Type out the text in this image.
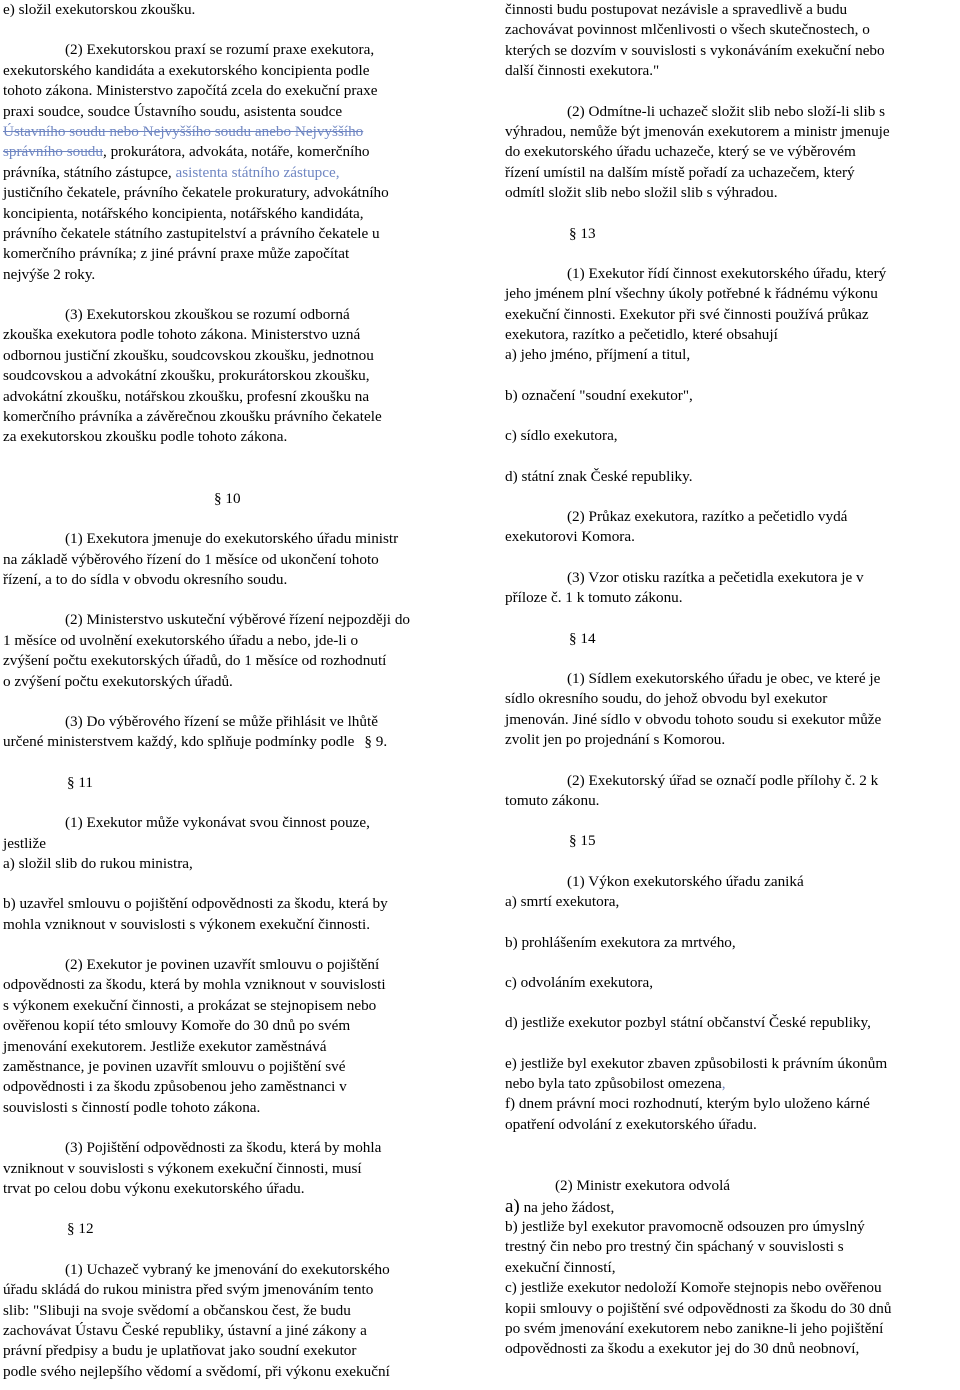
e) složil exekutorskou zkoušku.
(2) Exekutorskou praxí se rozumí praxe exekutora,
exekutorského kandidáta a exekutorského koncipienta podle
tohoto zákona. Ministerstvo započítá zcela do exekuční praxe
praxi soudce, soudce Ústavního soudu, asistenta soudce
Ústavního soudu nebo Nejvyššího soudu anebo Nejvyššího
správního soudu, prokurátora, advokáta, notáře, komerčního
právníka, státního zástupce, asistenta státního zástupce,
justičního čekatele, právního čekatele prokuratury, advokátního
koncipienta, notářského koncipienta, notářského kandidáta,
právního čekatele státního zastupitelství a právního čekatele u
komerčního právníka; z jiné právní praxe může započítat
nejvýše 2 roky.
(3) Exekutorskou zkouškou se rozumí odborná
zkouška exekutora podle tohoto zákona. Ministerstvo uzná
odbornou justiční zkoušku, soudcovskou zkoušku, jednotnou
soudcovskou a advokátní zkoušku, prokurátorskou zkoušku,
advokátní zkoušku, notářskou zkoušku, profesní zkoušku na
komerčního právníka a závěrečnou zkoušku právního čekatele
za exekutorskou zkoušku podle tohoto zákona.
§ 10
(1) Exekutora jmenuje do exekutorského úřadu ministr
na základě výběrového řízení do 1 měsíce od ukončení tohoto
řízení, a to do sídla v obvodu okresního soudu.
(2) Ministerstvo uskuteční výběrové řízení nejpozději do
1 měsíce od uvolnění exekutorského úřadu a nebo, jde-li o
zvýšení počtu exekutorských úřadů, do 1 měsíce od rozhodnutí
o zvýšení počtu exekutorských úřadů.
(3) Do výběrového řízení se může přihlásit ve lhůtě
určené ministerstvem každý, kdo splňuje podmínky podle § 9.
§ 11
(1) Exekutor může vykonávat svou činnost pouze,
jestliže
a) složil slib do rukou ministra,
b) uzavřel smlouvu o pojištění odpovědnosti za škodu, která by
mohla vzniknout v souvislosti s výkonem exekuční činnosti.
(2) Exekutor je povinen uzavřít smlouvu o pojištění
odpovědnosti za škodu, která by mohla vzniknout v souvislosti
s výkonem exekuční činnosti, a prokázat se stejnopisem nebo
ověřenou kopií této smlouvy Komoře do 30 dnů po svém
jmenování exekutorem. Jestliže exekutor zaměstnává
zaměstnance, je povinen uzavřít smlouvu o pojištění své
odpovědnosti i za škodu způsobenou jeho zaměstnanci v
souvislosti s činností podle tohoto zákona.
(3) Pojištění odpovědnosti za škodu, která by mohla
vzniknout v souvislosti s výkonem exekuční činnosti, musí
trvat po celou dobu výkonu exekutorského úřadu.
§ 12
(1) Uchazeč vybraný ke jmenování do exekutorského
úřadu skládá do rukou ministra před svým jmenováním tento
slib: "Slibuji na svoje svědomí a občanskou čest, že budu
zachovávat Ústavu České republiky, ústavní a jiné zákony a
právní předpisy a budu je uplatňovat jako soudní exekutor
podle svého nejlepšího vědomí a svědomí, při výkonu exekuční
činnosti budu postupovat nezávisle a spravedlivě a budu
zachovávat povinnost mlčenlivosti o všech skutečnostech, o
kterých se dozvím v souvislosti s vykonáváním exekuční nebo
další činnosti exekutora."
(2) Odmítne-li uchazeč složit slib nebo složí-li slib s
výhradou, nemůže být jmenován exekutorem a ministr jmenuje
do exekutorského úřadu uchazeče, který se ve výběrovém
řízení umístil na dalším místě pořadí za uchazečem, který
odmítl složit slib nebo složil slib s výhradou.
§ 13
(1) Exekutor řídí činnost exekutorského úřadu, který
jeho jménem plní všechny úkoly potřebné k řádnému výkonu
exekuční činnosti. Exekutor při své činnosti používá průkaz
exekutora, razítko a pečetidlo, které obsahují
a) jeho jméno, příjmení a titul,
b) označení "soudní exekutor",
c) sídlo exekutora,
d) státní znak České republiky.
(2) Průkaz exekutora, razítko a pečetidlo vydá
exekutorovi Komora.
(3) Vzor otisku razítka a pečetidla exekutora je v
příloze č. 1 k tomuto zákonu.
§ 14
(1) Sídlem exekutorského úřadu je obec, ve které je
sídlo okresního soudu, do jehož obvodu byl exekutor
jmenován. Jiné sídlo v obvodu tohoto soudu si exekutor může
zvolit jen po projednání s Komorou.
(2) Exekutorský úřad se označí podle přílohy č. 2 k
tomuto zákonu.
§ 15
(1) Výkon exekutorského úřadu zaniká
a) smrtí exekutora,
b) prohlášením exekutora za mrtvého,
c) odvoláním exekutora,
d) jestliže exekutor pozbyl státní občanství České republiky,
e) jestliže byl exekutor zbaven způsobilosti k právním úkonům
nebo byla tato způsobilost omezena,
f) dnem právní moci rozhodnutí, kterým bylo uloženo kárné
opatření odvolání z exekutorského úřadu.
(2) Ministr exekutora odvolá
a) na jeho žádost,
b) jestliže byl exekutor pravomocně odsouzen pro úmyslný
trestný čin nebo pro trestný čin spáchaný v souvislosti s
exekuční činností,
c) jestliže exekutor nedoloží Komoře stejnopis nebo ověřenou
kopii smlouvy o pojištění své odpovědnosti za škodu do 30 dnů
po svém jmenování exekutorem nebo zanikne-li jeho pojištění
odpovědnosti za škodu a exekutor jej do 30 dnů neobnoví,
